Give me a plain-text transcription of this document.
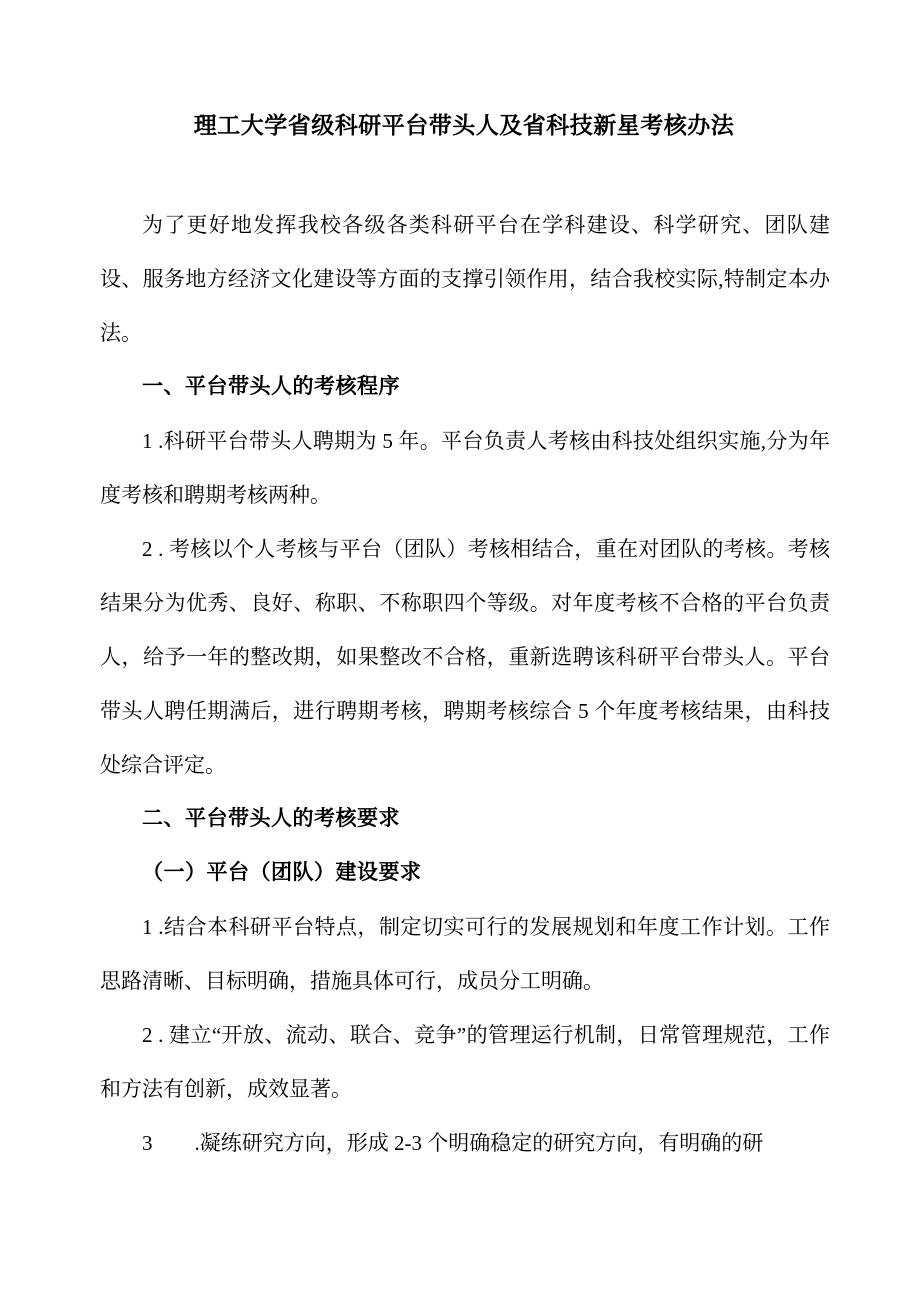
理工大学省级科研平台带头人及省科技新星考核办法

为了更好地发挥我校各级各类科研平台在学科建设、科学研究、团队建设、服务地方经济文化建设等方面的支撑引领作用，结合我校实际,特制定本办法。

一、平台带头人的考核程序

1 .科研平台带头人聘期为 5 年。平台负责人考核由科技处组织实施,分为年度考核和聘期考核两种。

2 . 考核以个人考核与平台（团队）考核相结合，重在对团队的考核。考核结果分为优秀、良好、称职、不称职四个等级。对年度考核不合格的平台负责人，给予一年的整改期，如果整改不合格，重新选聘该科研平台带头人。平台带头人聘任期满后，进行聘期考核，聘期考核综合 5 个年度考核结果，由科技处综合评定。

二、平台带头人的考核要求

（一）平台（团队）建设要求

1 .结合本科研平台特点，制定切实可行的发展规划和年度工作计划。工作思路清晰、目标明确，措施具体可行，成员分工明确。

2 . 建立“开放、流动、联合、竞争”的管理运行机制，日常管理规范，工作和方法有创新，成效显著。

3　　.凝练研究方向，形成 2-3 个明确稳定的研究方向，有明确的研
